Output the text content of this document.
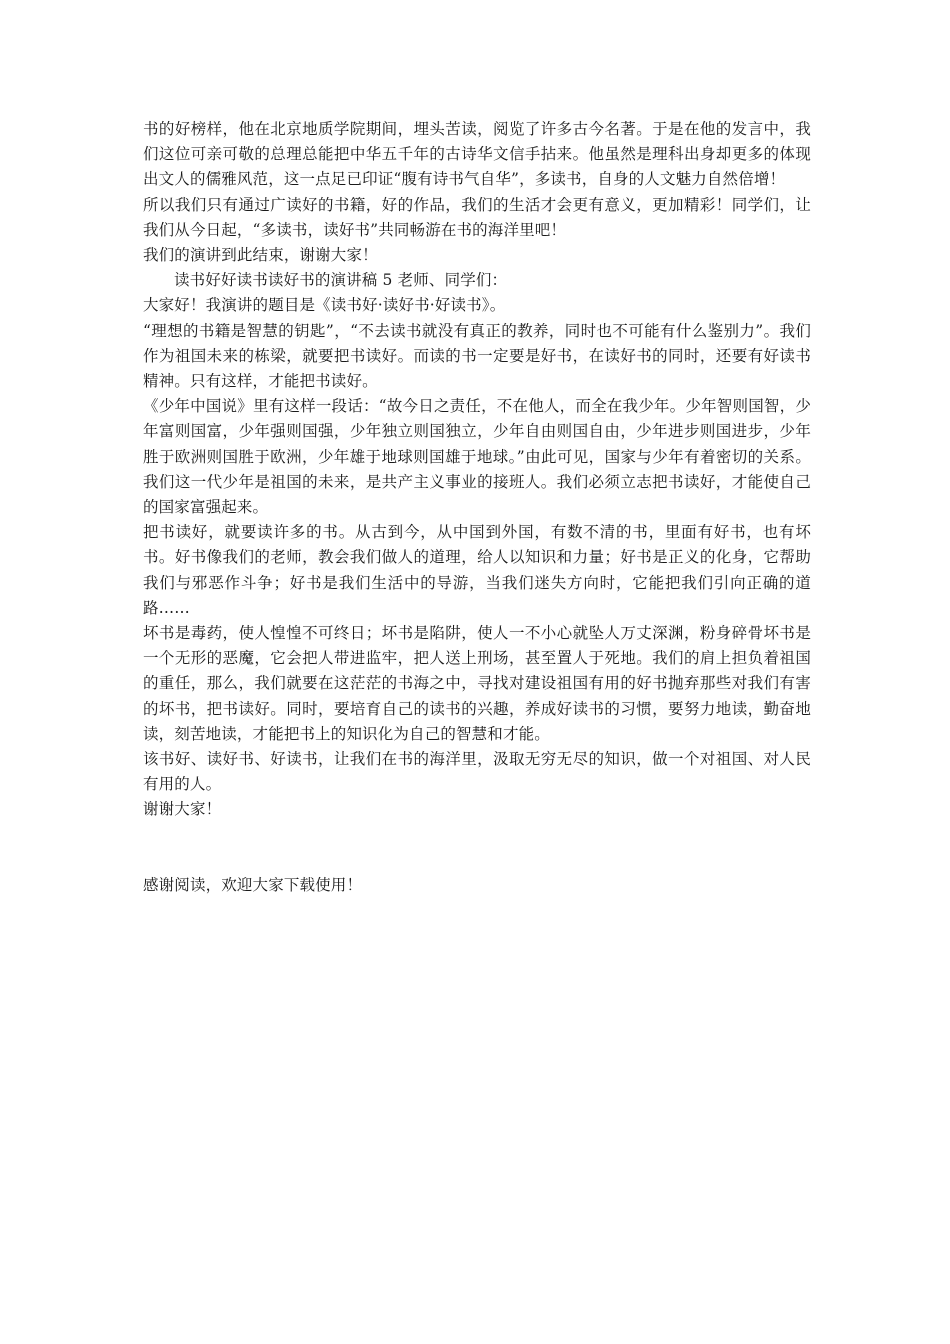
书的好榜样，他在北京地质学院期间，埋头苦读，阅览了许多古今名著。于是在他的发言中，我们这位可亲可敬的总理总能把中华五千年的古诗华文信手拈来。他虽然是理科出身却更多的体现出文人的儒雅风范，这一点足已印证“腹有诗书气自华”，多读书，自身的人文魅力自然倍增！

所以我们只有通过广读好的书籍，好的作品，我们的生活才会更有意义，更加精彩！同学们，让我们从今日起，“多读书，读好书”共同畅游在书的海洋里吧！

我们的演讲到此结束，谢谢大家！

读书好好读书读好书的演讲稿 5 老师、同学们：

大家好！我演讲的题目是《读书好·读好书·好读书》。

“理想的书籍是智慧的钥匙”，“不去读书就没有真正的教养，同时也不可能有什么鉴别力”。我们作为祖国未来的栋梁，就要把书读好。而读的书一定要是好书，在读好书的同时，还要有好读书精神。只有这样，才能把书读好。

《少年中国说》里有这样一段话：“故今日之责任，不在他人，而全在我少年。少年智则国智，少年富则国富，少年强则国强，少年独立则国独立，少年自由则国自由，少年进步则国进步，少年胜于欧洲则国胜于欧洲，少年雄于地球则国雄于地球。”由此可见，国家与少年有着密切的关系。我们这一代少年是祖国的未来，是共产主义事业的接班人。我们必须立志把书读好，才能使自己的国家富强起来。

把书读好，就要读许多的书。从古到今，从中国到外国，有数不清的书，里面有好书，也有坏书。好书像我们的老师，教会我们做人的道理，给人以知识和力量；好书是正义的化身，它帮助我们与邪恶作斗争；好书是我们生活中的导游，当我们迷失方向时，它能把我们引向正确的道路……

坏书是毒药，使人惶惶不可终日；坏书是陷阱，使人一不小心就坠人万丈深渊，粉身碎骨坏书是一个无形的恶魔，它会把人带进监牢，把人送上刑场，甚至置人于死地。我们的肩上担负着祖国的重任，那么，我们就要在这茫茫的书海之中，寻找对建设祖国有用的好书抛弃那些对我们有害的坏书，把书读好。同时，要培育自己的读书的兴趣，养成好读书的习惯，要努力地读，勤奋地读，刻苦地读，才能把书上的知识化为自己的智慧和才能。

该书好、读好书、好读书，让我们在书的海洋里，汲取无穷无尽的知识，做一个对祖国、对人民有用的人。

谢谢大家！

感谢阅读，欢迎大家下载使用！
